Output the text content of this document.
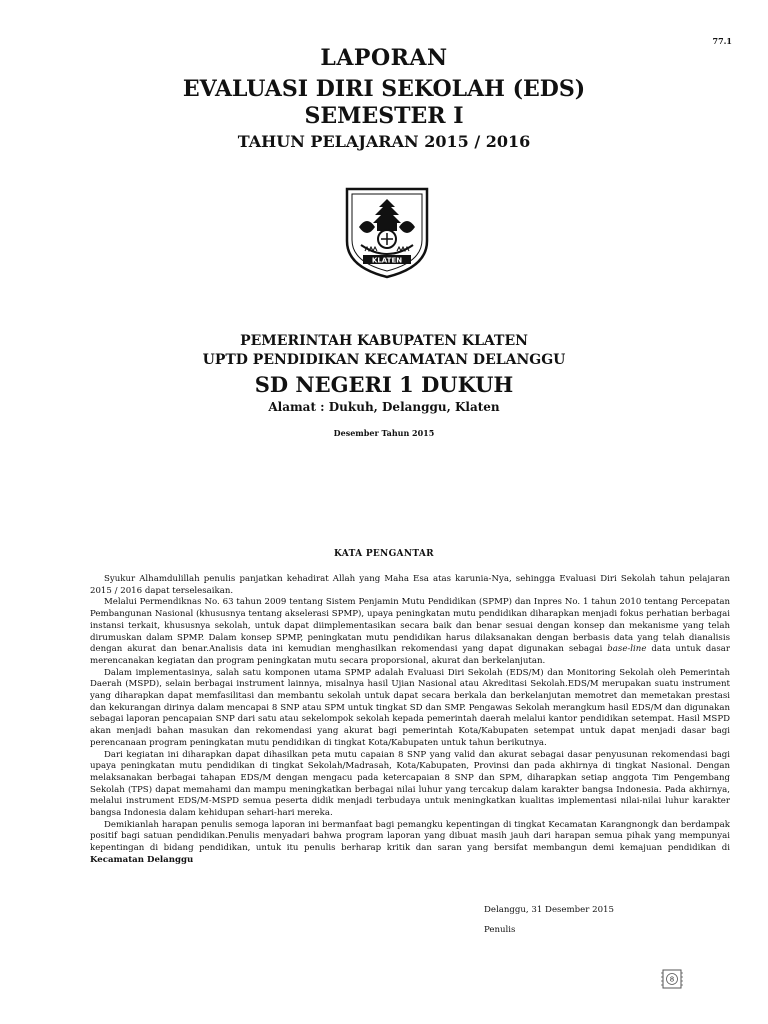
77.1
LAPORAN
EVALUASI DIRI SEKOLAH (EDS)
SEMESTER I
TAHUN PELAJARAN 2015 / 2016
KLATEN
PEMERINTAH KABUPATEN KLATEN
UPTD PENDIDIKAN KECAMATAN DELANGGU
SD NEGERI 1 DUKUH
Alamat : Dukuh, Delanggu, Klaten
Desember Tahun 2015
KATA PENGANTAR

Syukur Alhamdulillah penulis panjatkan kehadirat Allah yang Maha Esa atas karunia-Nya, sehingga Evaluasi Diri Sekolah tahun pelajaran 2015 / 2016 dapat terselesaikan.

Melalui Permendiknas No. 63 tahun 2009 tentang Sistem Penjamin Mutu Pendidikan (SPMP) dan Inpres No. 1 tahun 2010 tentang Percepatan Pembangunan Nasional (khususnya tentang akselerasi SPMP), upaya peningkatan mutu pendidikan diharapkan menjadi fokus perhatian berbagai instansi terkait, khususnya sekolah, untuk dapat diimplementasikan secara baik dan benar sesuai dengan konsep dan mekanisme yang telah dirumuskan dalam SPMP. Dalam konsep SPMP, peningkatan mutu pendidikan harus dilaksanakan dengan berbasis data yang telah dianalisis dengan akurat dan benar.Analisis data ini kemudian menghasilkan rekomendasi yang dapat digunakan sebagai base-line data untuk dasar merencanakan kegiatan dan program peningkatan mutu secara proporsional, akurat dan berkelanjutan.

Dalam implementasinya, salah satu komponen utama SPMP adalah Evaluasi Diri Sekolah (EDS/M) dan Monitoring Sekolah oleh Pemerintah Daerah (MSPD), selain berbagai instrument lainnya, misalnya hasil Ujian Nasional atau Akreditasi Sekolah.EDS/M merupakan suatu instrument yang diharapkan dapat memfasilitasi dan membantu sekolah untuk dapat secara berkala dan berkelanjutan memotret dan memetakan prestasi dan kekurangan dirinya dalam mencapai 8 SNP atau SPM untuk tingkat SD dan SMP. Pengawas Sekolah merangkum hasil EDS/M dan digunakan sebagai laporan pencapaian SNP dari satu atau sekelompok sekolah kepada pemerintah daerah melalui kantor pendidikan setempat. Hasil MSPD akan menjadi bahan masukan dan rekomendasi yang akurat bagi pemerintah Kota/Kabupaten setempat untuk dapat menjadi dasar bagi perencanaan program peningkatan mutu pendidikan di tingkat Kota/Kabupaten untuk tahun berikutnya.

Dari kegiatan ini diharapkan dapat dihasilkan peta mutu capaian 8 SNP yang valid dan akurat sebagai dasar penyusunan rekomendasi bagi upaya peningkatan mutu pendidikan di tingkat Sekolah/Madrasah, Kota/Kabupaten, Provinsi dan pada akhirnya di tingkat Nasional. Dengan melaksanakan berbagai tahapan EDS/M dengan mengacu pada ketercapaian 8 SNP dan SPM, diharapkan setiap anggota Tim Pengembang Sekolah (TPS) dapat memahami dan mampu meningkatkan berbagai nilai luhur yang tercakup dalam karakter bangsa Indonesia. Pada akhirnya, melalui instrument EDS/M-MSPD semua peserta didik menjadi terbudaya untuk meningkatkan kualitas implementasi nilai-nilai luhur karakter bangsa Indonesia dalam kehidupan sehari-hari mereka.

Demikianlah harapan penulis semoga laporan ini bermanfaat bagi pemangku kepentingan di tingkat Kecamatan Karangnongk dan berdampak positif bagi satuan pendidikan.Penulis menyadari bahwa program laporan yang dibuat masih jauh dari harapan semua pihak yang mempunyai kepentingan di bidang pendidikan, untuk itu penulis berharap kritik dan saran yang bersifat membangun demi kemajuan pendidikan di Kecamatan Delanggu

Delanggu, 31 Desember 2015
Penulis
8
